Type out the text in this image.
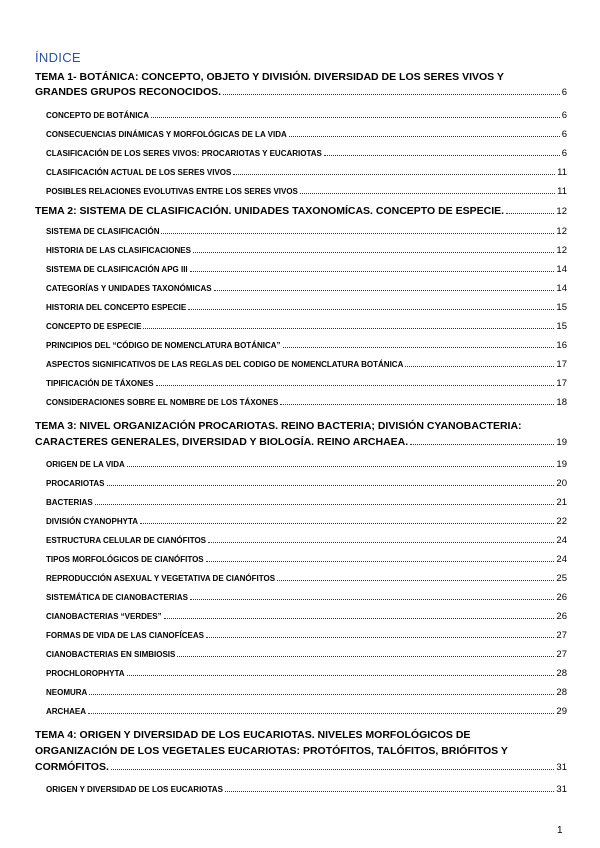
ÍNDICE
TEMA 1- BOTÁNICA: CONCEPTO, OBJETO Y DIVISIÓN. DIVERSIDAD DE LOS SERES VIVOS Y
GRANDES GRUPOS RECONOCIDOS.	6
CONCEPTO DE BOTÁNICA	6
CONSECUENCIAS DINÁMICAS Y MORFOLÓGICAS DE LA VIDA	6
CLASIFICACIÓN DE LOS SERES VIVOS: PROCARIOTAS Y EUCARIOTAS	6
CLASIFICACIÓN ACTUAL DE LOS SERES VIVOS	11
POSIBLES RELACIONES EVOLUTIVAS ENTRE LOS SERES VIVOS	11
TEMA 2: SISTEMA DE CLASIFICACIÓN. UNIDADES TAXONOMÍCAS. CONCEPTO DE ESPECIE.	12
SISTEMA DE CLASIFICACIÓN	12
HISTORIA DE LAS CLASIFICACIONES	12
SISTEMA DE CLASIFICACIÓN APG III	14
CATEGORÍAS Y UNIDADES TAXONÓMICAS	14
HISTORIA DEL CONCEPTO ESPECIE	15
CONCEPTO DE ESPECIE	15
PRINCIPIOS DEL “CÓDIGO DE NOMENCLATURA BOTÁNICA”	16
ASPECTOS SIGNIFICATIVOS DE LAS REGLAS DEL CODIGO DE NOMENCLATURA BOTÁNICA	17
TIPIFICACIÓN DE TÁXONES	17
CONSIDERACIONES SOBRE EL NOMBRE DE LOS TÁXONES	18
TEMA 3: NIVEL ORGANIZACIÓN PROCARIOTAS. REINO BACTERIA; DIVISIÓN CYANOBACTERIA:
CARACTERES GENERALES, DIVERSIDAD Y BIOLOGÍA. REINO ARCHAEA.	19
ORIGEN DE LA VIDA	19
PROCARIOTAS	20
BACTERIAS	21
DIVISIÓN CYANOPHYTA	22
ESTRUCTURA CELULAR DE CIANÓFITOS	24
TIPOS MORFOLÓGICOS DE CIANÓFITOS	24
REPRODUCCIÓN ASEXUAL Y VEGETATIVA DE CIANÓFITOS	25
SISTEMÁTICA DE CIANOBACTERIAS	26
CIANOBACTERIAS “VERDES”	26
FORMAS DE VIDA DE LAS CIANOFÍCEAS	27
CIANOBACTERIAS EN SIMBIOSIS	27
PROCHLOROPHYTA	28
NEOMURA	28
ARCHAEA	29
TEMA 4: ORIGEN Y DIVERSIDAD DE LOS EUCARIOTAS. NIVELES MORFOLÓGICOS DE
ORGANIZACIÓN DE LOS VEGETALES EUCARIOTAS: PROTÓFITOS, TALÓFITOS, BRIÓFITOS Y
CORMÓFITOS.	31
ORIGEN Y DIVERSIDAD DE LOS EUCARIOTAS	31
1
